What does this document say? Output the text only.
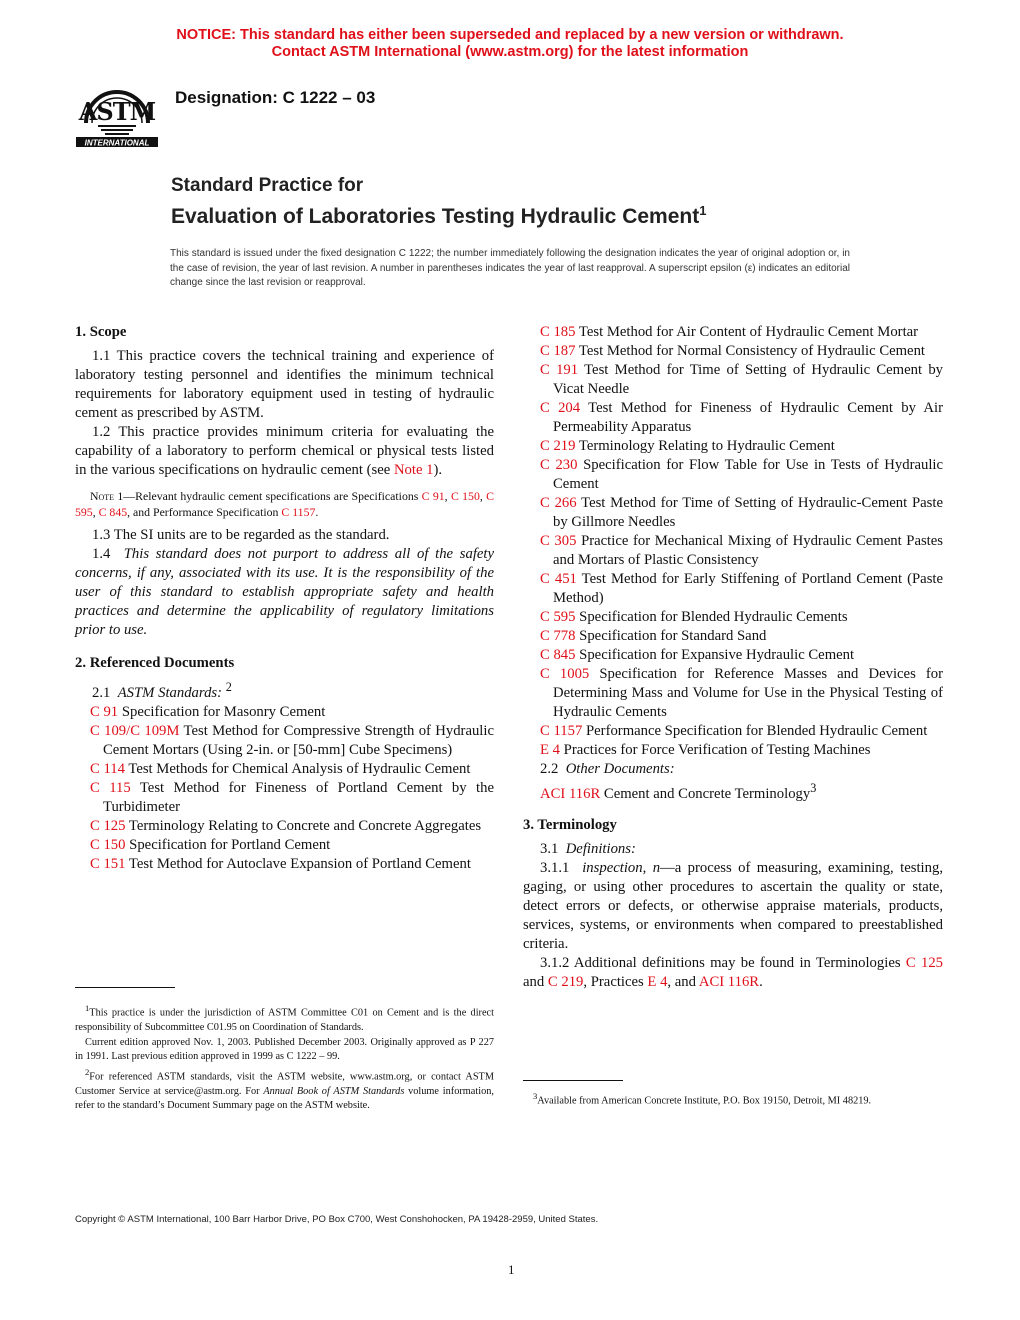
NOTICE: This standard has either been superseded and replaced by a new version or withdrawn.
Contact ASTM International (www.astm.org) for the latest information
ASTM
INTERNATIONAL
Designation: C 1222 – 03
Standard Practice for
Evaluation of Laboratories Testing Hydraulic Cement$^1$
This standard is issued under the fixed designation C 1222; the number immediately following the designation indicates the year of original adoption or, in the case of revision, the year of last revision. A number in parentheses indicates the year of last reapproval. A superscript epsilon (ε) indicates an editorial change since the last revision or reapproval.

1. Scope

1.1 This practice covers the technical training and experience of laboratory testing personnel and identifies the minimum technical requirements for laboratory equipment used in testing of hydraulic cement as prescribed by ASTM.

1.2 This practice provides minimum criteria for evaluating the capability of a laboratory to perform chemical or physical tests listed in the various specifications on hydraulic cement (see Note 1).

Note 1—Relevant hydraulic cement specifications are Specifications C 91, C 150, C 595, C 845, and Performance Specification C 1157.

1.3 The SI units are to be regarded as the standard.

1.4  This standard does not purport to address all of the safety concerns, if any, associated with its use. It is the responsibility of the user of this standard to establish appropriate safety and health practices and determine the applicability of regulatory limitations prior to use.

2. Referenced Documents

2.1  ASTM Standards: $^2$

C 91 Specification for Masonry Cement

C 109/C 109M Test Method for Compressive Strength of Hydraulic Cement Mortars (Using 2-in. or [50-mm] Cube Specimens)

C 114 Test Methods for Chemical Analysis of Hydraulic Cement

C 115 Test Method for Fineness of Portland Cement by the Turbidimeter

C 125 Terminology Relating to Concrete and Concrete Aggregates

C 150 Specification for Portland Cement

C 151 Test Method for Autoclave Expansion of Portland Cement

C 185 Test Method for Air Content of Hydraulic Cement Mortar

C 187 Test Method for Normal Consistency of Hydraulic Cement

C 191 Test Method for Time of Setting of Hydraulic Cement by Vicat Needle

C 204 Test Method for Fineness of Hydraulic Cement by Air Permeability Apparatus

C 219 Terminology Relating to Hydraulic Cement

C 230 Specification for Flow Table for Use in Tests of Hydraulic Cement

C 266 Test Method for Time of Setting of Hydraulic-Cement Paste by Gillmore Needles

C 305 Practice for Mechanical Mixing of Hydraulic Cement Pastes and Mortars of Plastic Consistency

C 451 Test Method for Early Stiffening of Portland Cement (Paste Method)

C 595 Specification for Blended Hydraulic Cements

C 778 Specification for Standard Sand

C 845 Specification for Expansive Hydraulic Cement

C 1005 Specification for Reference Masses and Devices for Determining Mass and Volume for Use in the Physical Testing of Hydraulic Cements

C 1157 Performance Specification for Blended Hydraulic Cement

E 4 Practices for Force Verification of Testing Machines

2.2  Other Documents:

ACI 116R Cement and Concrete Terminology$^3$

3. Terminology

3.1  Definitions:

3.1.1  inspection, n—a process of measuring, examining, testing, gaging, or using other procedures to ascertain the quality or state, detect errors or defects, or otherwise appraise materials, products, services, systems, or environments when compared to preestablished criteria.

3.1.2 Additional definitions may be found in Terminologies C 125 and C 219, Practices E 4, and ACI 116R.

$^1$This practice is under the jurisdiction of ASTM Committee C01 on Cement and is the direct responsibility of Subcommittee C01.95 on Coordination of Standards.

Current edition approved Nov. 1, 2003. Published December 2003. Originally approved as P 227 in 1991. Last previous edition approved in 1999 as C 1222 – 99.

$^2$For referenced ASTM standards, visit the ASTM website, www.astm.org, or contact ASTM Customer Service at service@astm.org. For Annual Book of ASTM Standards volume information, refer to the standard’s Document Summary page on the ASTM website.

$^3$Available from American Concrete Institute, P.O. Box 19150, Detroit, MI 48219.

Copyright © ASTM International, 100 Barr Harbor Drive, PO Box C700, West Conshohocken, PA 19428-2959, United States.
1
